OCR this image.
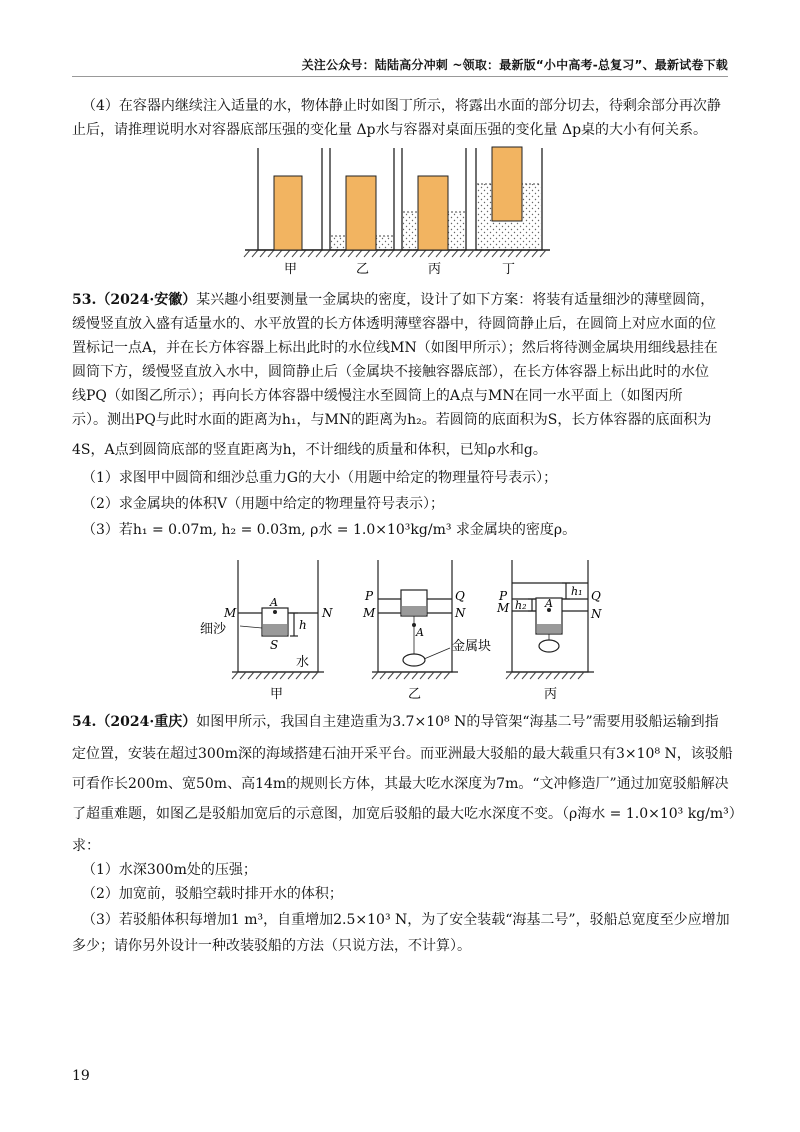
关注公众号：陆陆高分冲刺 ~领取：最新版“小中高考-总复习”、最新试卷下载
（4）在容器内继续注入适量的水，物体静止时如图丁所示，将露出水面的部分切去，待剩余部分再次静
止后，请推理说明水对容器底部压强的变化量 Δp水与容器对桌面压强的变化量 Δp桌的大小有何关系。
甲	乙	丙	丁
53.（2024·安徽）某兴趣小组要测量一金属块的密度，设计了如下方案：将装有适量细沙的薄壁圆筒，
缓慢竖直放入盛有适量水的、水平放置的长方体透明薄壁容器中，待圆筒静止后，在圆筒上对应水面的位
置标记一点A，并在长方体容器上标出此时的水位线MN（如图甲所示）；然后将待测金属块用细线悬挂在
圆筒下方，缓慢竖直放入水中，圆筒静止后（金属块不接触容器底部），在长方体容器上标出此时的水位
线PQ（如图乙所示）；再向长方体容器中缓慢注水至圆筒上的A点与MN在同一水平面上（如图丙所
示）。测出PQ与此时水面的距离为h₁，与MN的距离为h₂。若圆筒的底面积为S，长方体容器的底面积为
4S，A点到圆筒底部的竖直距离为h，不计细线的质量和体积，已知ρ水和g。
（1）求图甲中圆筒和细沙总重力G的大小（用题中给定的物理量符号表示）；
（2）求金属块的体积V（用题中给定的物理量符号表示）；
（3）若h₁ = 0.07m, h₂ = 0.03m, ρ水 = 1.0×10³kg/m³ 求金属块的密度ρ。
M	N
A
h
S
细沙
水
甲
P	Q
M	N
A
金属块
乙
P	Q
M	N
A
h₁
h₂
丙
54.（2024·重庆）如图甲所示，我国自主建造重为3.7×10⁸ N的导管架“海基二号”需要用驳船运输到指
定位置，安装在超过300m深的海域搭建石油开采平台。而亚洲最大驳船的最大载重只有3×10⁸ N，该驳船
可看作长200m、宽50m、高14m的规则长方体，其最大吃水深度为7m。“文冲修造厂”通过加宽驳船解决
了超重难题，如图乙是驳船加宽后的示意图，加宽后驳船的最大吃水深度不变。（ρ海水 = 1.0×10³ kg/m³）
求：
（1）水深300m处的压强；
（2）加宽前，驳船空载时排开水的体积；
（3）若驳船体积每增加1 m³，自重增加2.5×10³ N，为了安全装载“海基二号”，驳船总宽度至少应增加
多少；请你另外设计一种改装驳船的方法（只说方法，不计算）。
19
